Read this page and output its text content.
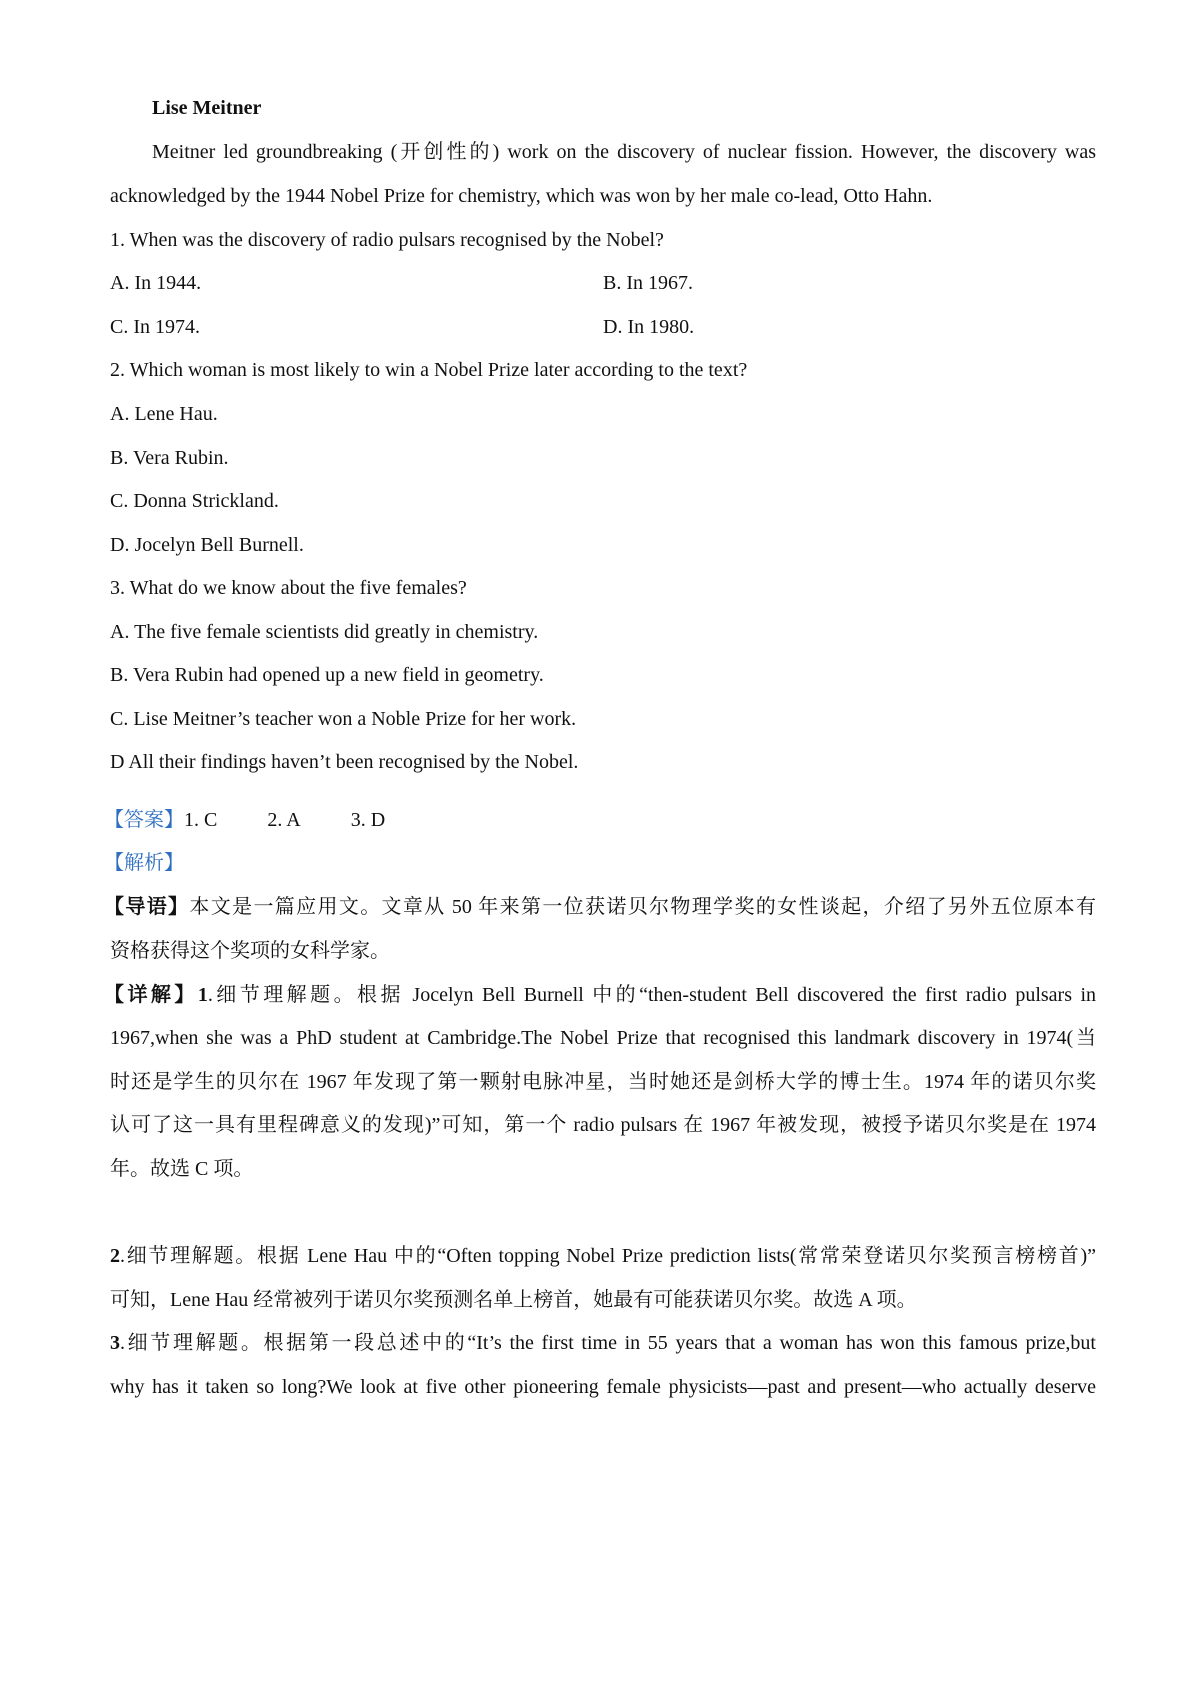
Lise Meitner
Meitner led groundbreaking (开创性的) work on the discovery of nuclear fission. However, the discovery was
acknowledged by the 1944 Nobel Prize for chemistry, which was won by her male co-lead, Otto Hahn.
1. When was the discovery of radio pulsars recognised by the Nobel?
A. In 1944.	B. In 1967.
C. In 1974.	D. In 1980.
2. Which woman is most likely to win a Nobel Prize later according to the text?
A. Lene Hau.
B. Vera Rubin.
C. Donna Strickland.
D. Jocelyn Bell Burnell.
3. What do we know about the five females?
A. The five female scientists did greatly in chemistry.
B. Vera Rubin had opened up a new field in geometry.
C. Lise Meitner’s teacher won a Noble Prize for her work.
D All their findings haven’t been recognised by the Nobel.
【答案】1. C	2. A	3. D
【解析】
【导语】本文是一篇应用文。文章从 50 年来第一位获诺贝尔物理学奖的女性谈起，介绍了另外五位原本有
资格获得这个奖项的女科学家。
【详解】1.细节理解题。根据 Jocelyn Bell Burnell 中的“then-student Bell discovered the first radio pulsars in
1967,when she was a PhD student at Cambridge.The Nobel Prize that recognised this landmark discovery in 1974(当
时还是学生的贝尔在 1967 年发现了第一颗射电脉冲星，当时她还是剑桥大学的博士生。1974 年的诺贝尔奖
认可了这一具有里程碑意义的发现)”可知，第一个 radio pulsars 在 1967 年被发现，被授予诺贝尔奖是在 1974
年。故选 C 项。
2.细节理解题。根据 Lene Hau 中的“Often topping Nobel Prize prediction lists(常常荣登诺贝尔奖预言榜榜首)”
可知，Lene Hau 经常被列于诺贝尔奖预测名单上榜首，她最有可能获诺贝尔奖。故选 A 项。
3.细节理解题。根据第一段总述中的“It’s the first time in 55 years that a woman has won this famous prize,but
why has it taken so long?We look at five other pioneering female physicists—past and present—who actually deserve
